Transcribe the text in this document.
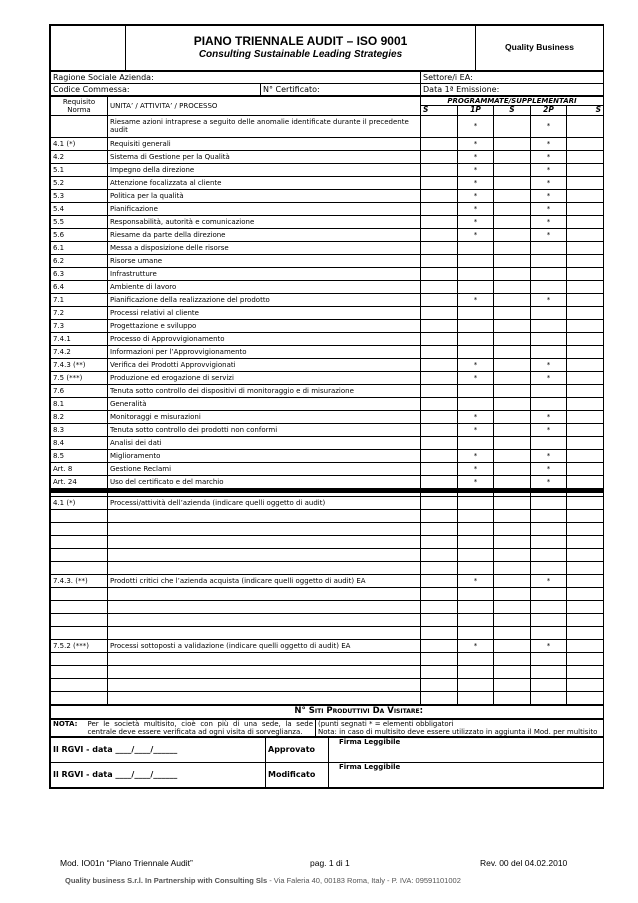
PIANO TRIENNALE AUDIT – ISO 9001
Consulting Sustainable Leading Strategies
	Quality Business
Ragione Sociale Azienda:		Settore/i EA:
Codice Commessa:	N° Certificato:	Data 1ª Emissione:
Requisito Norma	UNITA’ / ATTIVITA’ / PROCESSO	PROGRAMMATE/SUPPLEMENTARI				
		S	1P	S	2P	S
	Riesame azioni intraprese a seguito delle anomalie identificate durante il precedente audit		*		*	
4.1 (*)	Requisiti generali		*		*	
4.2	Sistema di Gestione per la Qualità		*		*	
5.1	Impegno della direzione		*		*	
5.2	Attenzione focalizzata al cliente		*		*	
5.3	Politica per la qualità		*		*	
5.4	Pianificazione		*		*	
5.5	Responsabilità, autorità e comunicazione		*		*	
5.6	Riesame da parte della direzione		*		*	
6.1	Messa a disposizione delle risorse					
6.2	Risorse umane					
6.3	Infrastrutture					
6.4	Ambiente di lavoro					
7.1	Pianificazione della realizzazione del prodotto		*		*	
7.2	Processi relativi al cliente					
7.3	Progettazione e sviluppo					
7.4.1	Processo di Approvvigionamento					
7.4.2	Informazioni per l’Approvvigionamento					
7.4.3 (**)	Verifica dei Prodotti Approvvigionati		*		*	
7.5 (***)	Produzione ed erogazione di servizi		*		*	
7.6	Tenuta sotto controllo dei dispositivi di monitoraggio e di misurazione					
8.1	Generalità					
8.2	Monitoraggi e misurazioni		*		*	
8.3	Tenuta sotto controllo dei prodotti non conformi		*		*	
8.4	Analisi dei dati					
8.5	Miglioramento		*		*	
Art. 8	Gestione Reclami		*		*	
Art. 24	Uso del certificato e del marchio		*		*	

4.1 (*)	Processi/attività dell’azienda (indicare quelli oggetto di audit)					

7.4.3. (**)	Prodotti critici che l’azienda acquista (indicare quelli oggetto di audit) EA		*		*	

7.5.2 (***)	Processi sottoposti a validazione (indicare quelli oggetto di audit) EA		*		*	

N° Siti Produttivi Da Visitare:
NOTA:	Per le società multisito, cioè con più di una sede, la sede centrale deve essere verificata ad ogni visita di sorveglianza.	
(punti segnati * = elementi obbligatori
Nota: in caso di multisito deve essere utilizzato in aggiunta il Mod. per multisito
Il RGVI - data ____/____/______	Approvato	Firma Leggibile
Il RGVI - data ____/____/______	Modificato	Firma Leggibile
Mod. IO01n “Piano Triennale Audit”	pag. 1 di 1	Rev. 00 del 04.02.2010
Quality business S.r.l. In Partnership with Consulting Sls - Via Faleria 40, 00183 Roma, Italy - P. IVA: 09591101002
